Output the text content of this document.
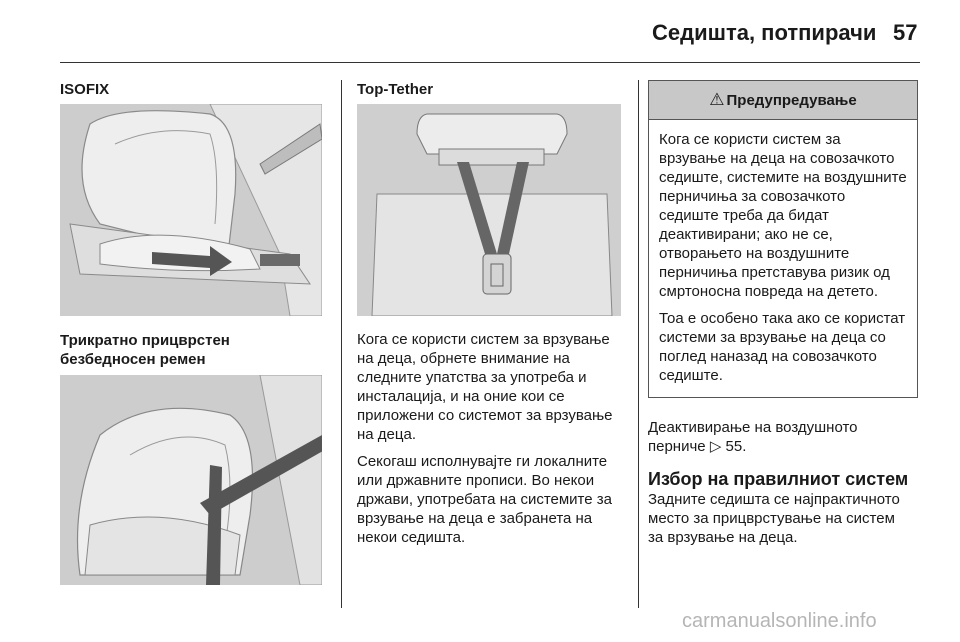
Седишта, потпирачи 57
ISOFIX
Трикратно прицврстен
безбедносен ремен
Top-Tether

Кога се користи систем за врзување на деца, обрнете внимание на следните упатства за употреба и инсталација, и на оние кои се приложени со системот за врзување на деца.

Секогаш исполнувајте ги локалните или државните прописи. Во некои држави, употребата на системите за врзување на деца е забранета на некои седишта.

⚠ Предупредување

Кога се користи систем за врзување на деца на совозачкото седиште, системите на воздушните перничиња за совозачкото седиште треба да бидат деактивирани; ако не се, отворањето на воздушните перничиња претставува ризик од смртоносна повреда на детето.

Тоа е особено така ако се користат системи за врзување на деца со поглед наназад на совозачкото седиште.

Деактивирање на воздушното
перниче ▷ 55.
Избор на правилниот систем
Задните седишта се најпрактичното место за прицврстување на систем за врзување на деца.
carmanualsonline.info
